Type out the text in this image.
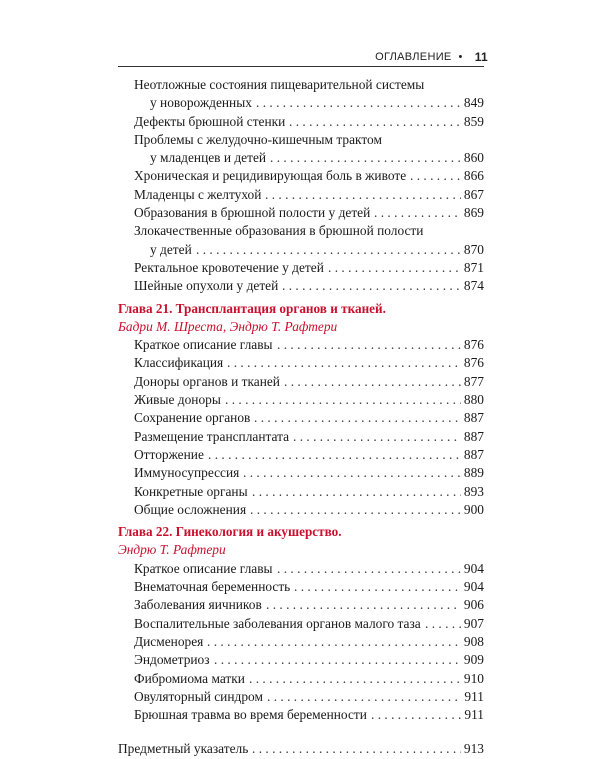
ОГЛАВЛЕНИЕ • 11
Неотложные состояния пищеварительной системы
у новорожденных . . .	849
Дефекты брюшной стенки . . .	859
Проблемы с желудочно-кишечным трактом
у младенцев и детей . . .	860
Хроническая и рецидивирующая боль в животе . . .	866
Младенцы с желтухой . . .	867
Образования в брюшной полости у детей . . .	869
Злокачественные образования в брюшной полости
у детей . . .	870
Ректальное кровотечение у детей . . .	871
Шейные опухоли у детей . . .	874
Глава 21. Трансплантация органов и тканей.
Бадри М. Шреста, Эндрю Т. Рафтери
Краткое описание главы . . .	876
Классификация . . .	876
Доноры органов и тканей . . .	877
Живые доноры . . .	880
Сохранение органов . . .	887
Размещение трансплантата . . .	887
Отторжение . . .	887
Иммуносупрессия . . .	889
Конкретные органы . . .	893
Общие осложнения . . .	900
Глава 22. Гинекология и акушерство.
Эндрю Т. Рафтери
Краткое описание главы . . .	904
Внематочная беременность . . .	904
Заболевания яичников . . .	906
Воспалительные заболевания органов малого таза . . .	907
Дисменорея . . .	908
Эндометриоз . . .	909
Фибромиома матки . . .	910
Овуляторный синдром . . .	911
Брюшная травма во время беременности . . .	911
Предметный указатель . . .	913
